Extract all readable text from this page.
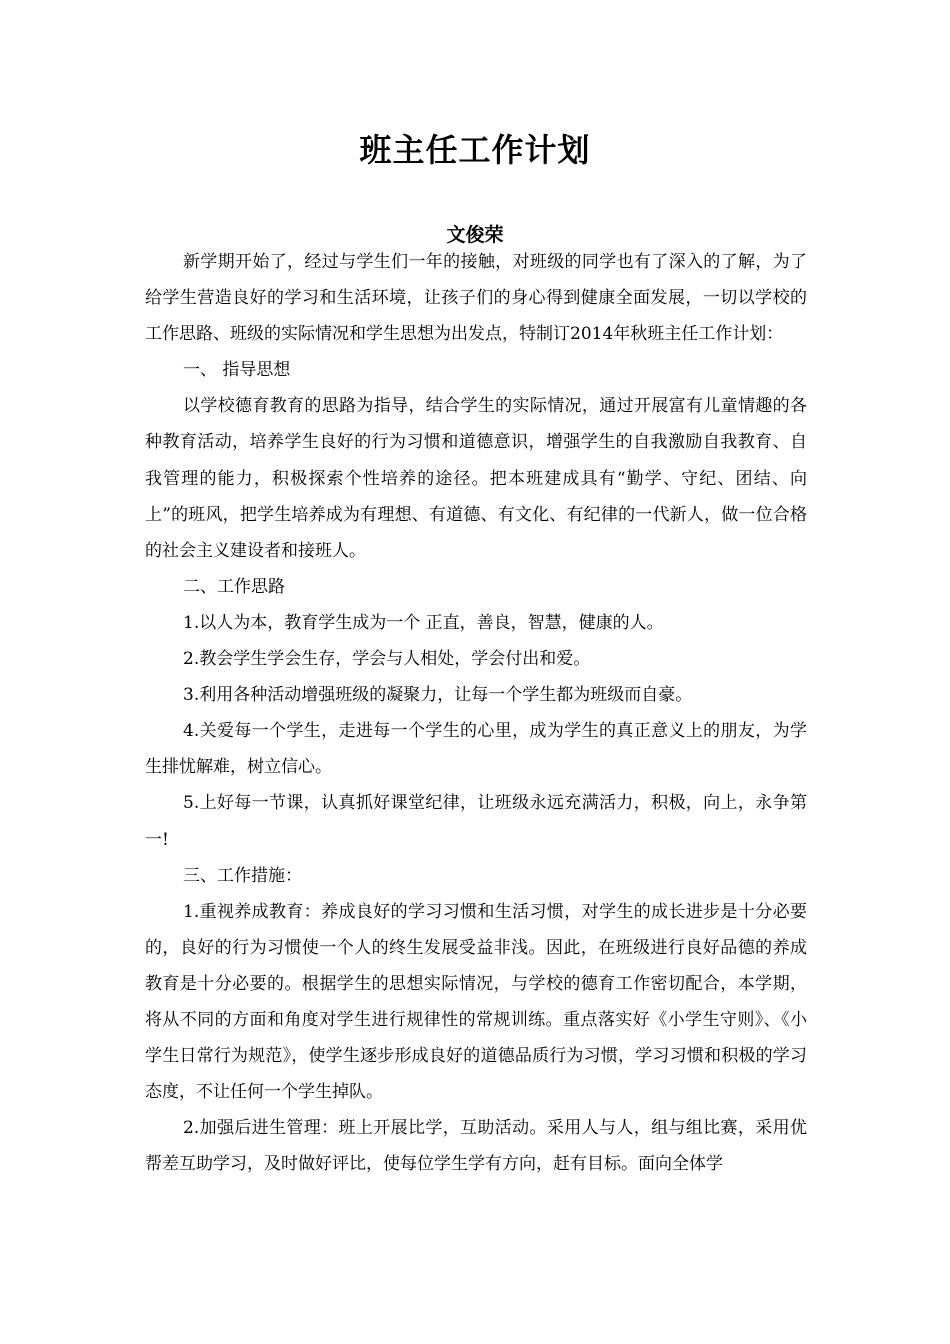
班主任工作计划
文俊荣

新学期开始了，经过与学生们一年的接触，对班级的同学也有了深入的了解，为了给学生营造良好的学习和生活环境，让孩子们的身心得到健康全面发展，一切以学校的工作思路、班级的实际情况和学生思想为出发点，特制订2014年秋班主任工作计划：

一、 指导思想

以学校德育教育的思路为指导，结合学生的实际情况，通过开展富有儿童情趣的各种教育活动，培养学生良好的行为习惯和道德意识，增强学生的自我激励自我教育、自我管理的能力，积极探索个性培养的途径。把本班建成具有“勤学、守纪、团结、向上”的班风，把学生培养成为有理想、有道德、有文化、有纪律的一代新人，做一位合格的社会主义建设者和接班人。

二、工作思路

1.以人为本，教育学生成为一个 正直，善良，智慧，健康的人。

2.教会学生学会生存，学会与人相处，学会付出和爱。

3.利用各种活动增强班级的凝聚力，让每一个学生都为班级而自豪。

4.关爱每一个学生，走进每一个学生的心里，成为学生的真正意义上的朋友，为学生排忧解难，树立信心。

5.上好每一节课，认真抓好课堂纪律，让班级永远充满活力，积极，向上，永争第一!

三、工作措施：

1.重视养成教育：养成良好的学习习惯和生活习惯，对学生的成长进步是十分必要的，良好的行为习惯使一个人的终生发展受益非浅。因此，在班级进行良好品德的养成教育是十分必要的。根据学生的思想实际情况，与学校的德育工作密切配合，本学期，将从不同的方面和角度对学生进行规律性的常规训练。重点落实好《小学生守则》、《小学生日常行为规范》，使学生逐步形成良好的道德品质行为习惯，学习习惯和积极的学习态度，不让任何一个学生掉队。

2.加强后进生管理：班上开展比学，互助活动。采用人与人，组与组比赛，采用优帮差互助学习，及时做好评比，使每位学生学有方向，赶有目标。面向全体学
